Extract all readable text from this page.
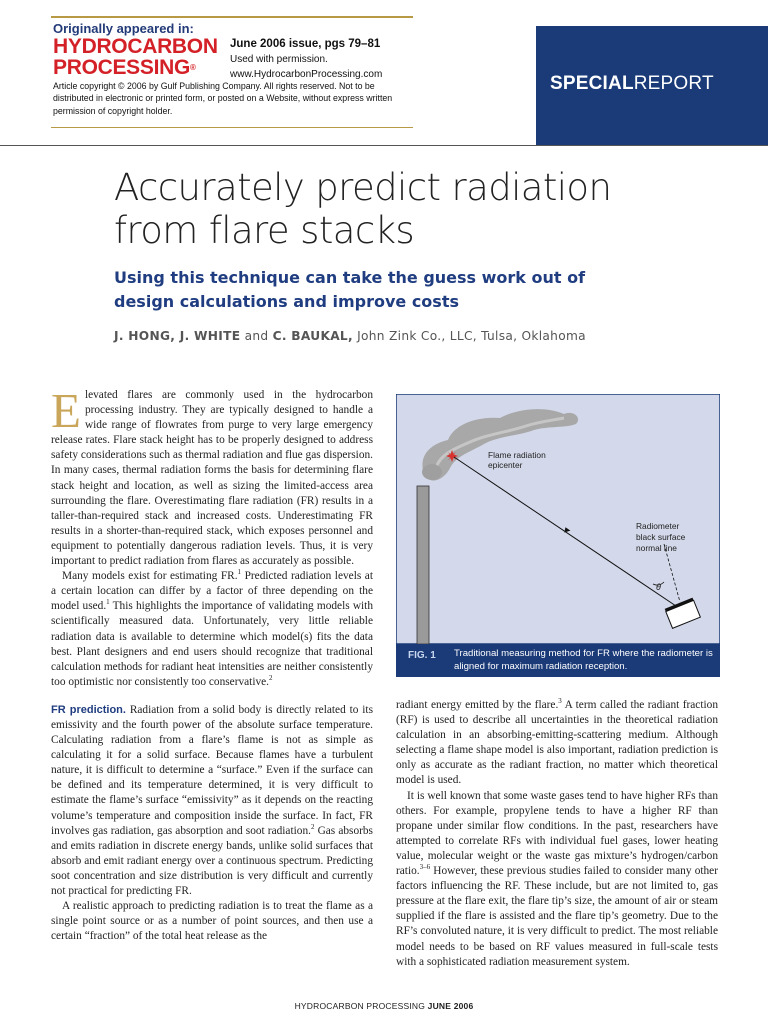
Originally appeared in:
HYDROCARBON
PROCESSING®
June 2006 issue, pgs 79–81
Used with permission.
www.HydrocarbonProcessing.com
Article copyright © 2006 by Gulf Publishing Company. All rights reserved. Not to be distributed in electronic or printed form, or posted on a Website, without express written permission of copyright holder.
SPECIALREPORT
Accurately predict radiation from flare stacks
Using this technique can take the guess work out of design calculations and improve costs
J. HONG, J. WHITE and C. BAUKAL, John Zink Co., LLC, Tulsa, Oklahoma

Elevated flares are commonly used in the hydrocarbon processing industry. They are typically designed to handle a wide range of flowrates from purge to very large emergency release rates. Flare stack height has to be properly designed to address safety considerations such as thermal radiation and flue gas dispersion. In many cases, thermal radiation forms the basis for determining flare stack height and location, as well as sizing the limited-access area surrounding the flare. Overestimating flare radiation (FR) results in a taller-than-required stack and increased costs. Underestimating FR results in a shorter-than-required stack, which exposes personnel and equipment to potentially dangerous radiation levels. Thus, it is very important to predict radiation from flares as accurately as possible.

Many models exist for estimating FR.$^1$ Predicted radiation levels at a certain location can differ by a factor of three depending on the model used.$^1$ This highlights the importance of validating models with scientifically measured data. Unfortunately, very little reliable radiation data is available to determine which model(s) fits the data best. Plant designers and end users should recognize that traditional calculation methods for radiant heat intensities are neither consistently too optimistic nor consistently too conservative.$^2$

FR prediction. Radiation from a solid body is directly related to its emissivity and the fourth power of the absolute surface temperature. Calculating radiation from a flare’s flame is not as simple as calculating it for a solid surface. Because flames have a turbulent nature, it is difficult to determine a “surface.” Even if the surface can be defined and its temperature determined, it is very difficult to estimate the flame’s surface “emissivity” as it depends on the reacting volume’s temperature and composition inside the surface. In fact, FR involves gas radiation, gas absorption and soot radiation.$^2$ Gas absorbs and emits radiation in discrete energy bands, unlike solid surfaces that absorb and emit radiant energy over a continuous spectrum. Predicting soot concentration and size distribution is very difficult and currently not practical for predicting FR.

A realistic approach to predicting radiation is to treat the flame as a single point source or as a number of point sources, and then use a certain “fraction” of the total heat release as the

Flame radiation
epicenter
Radiometer
black surface
normal line
θ
FIG. 1 Traditional measuring method for FR where the radiometer is aligned for maximum radiation reception.

radiant energy emitted by the flare.$^3$ A term called the radiant fraction (RF) is used to describe all uncertainties in the theoretical radiation calculation in an absorbing-emitting-scattering medium. Although selecting a flame shape model is also important, radiation prediction is only as accurate as the radiant fraction, no matter which theoretical model is used.

It is well known that some waste gases tend to have higher RFs than others. For example, propylene tends to have a higher RF than propane under similar flow conditions. In the past, researchers have attempted to correlate RFs with individual fuel gases, lower heating value, molecular weight or the waste gas mixture’s hydrogen/carbon ratio.$^{3-6}$ However, these previous studies failed to consider many other factors influencing the RF. These include, but are not limited to, gas pressure at the flare exit, the flare tip’s size, the amount of air or steam supplied if the flare is assisted and the flare tip’s geometry. Due to the RF’s convoluted nature, it is very difficult to predict. The most reliable model needs to be based on RF values measured in full-scale tests with a sophisticated radiation measurement system.

HYDROCARBON PROCESSING JUNE 2006
